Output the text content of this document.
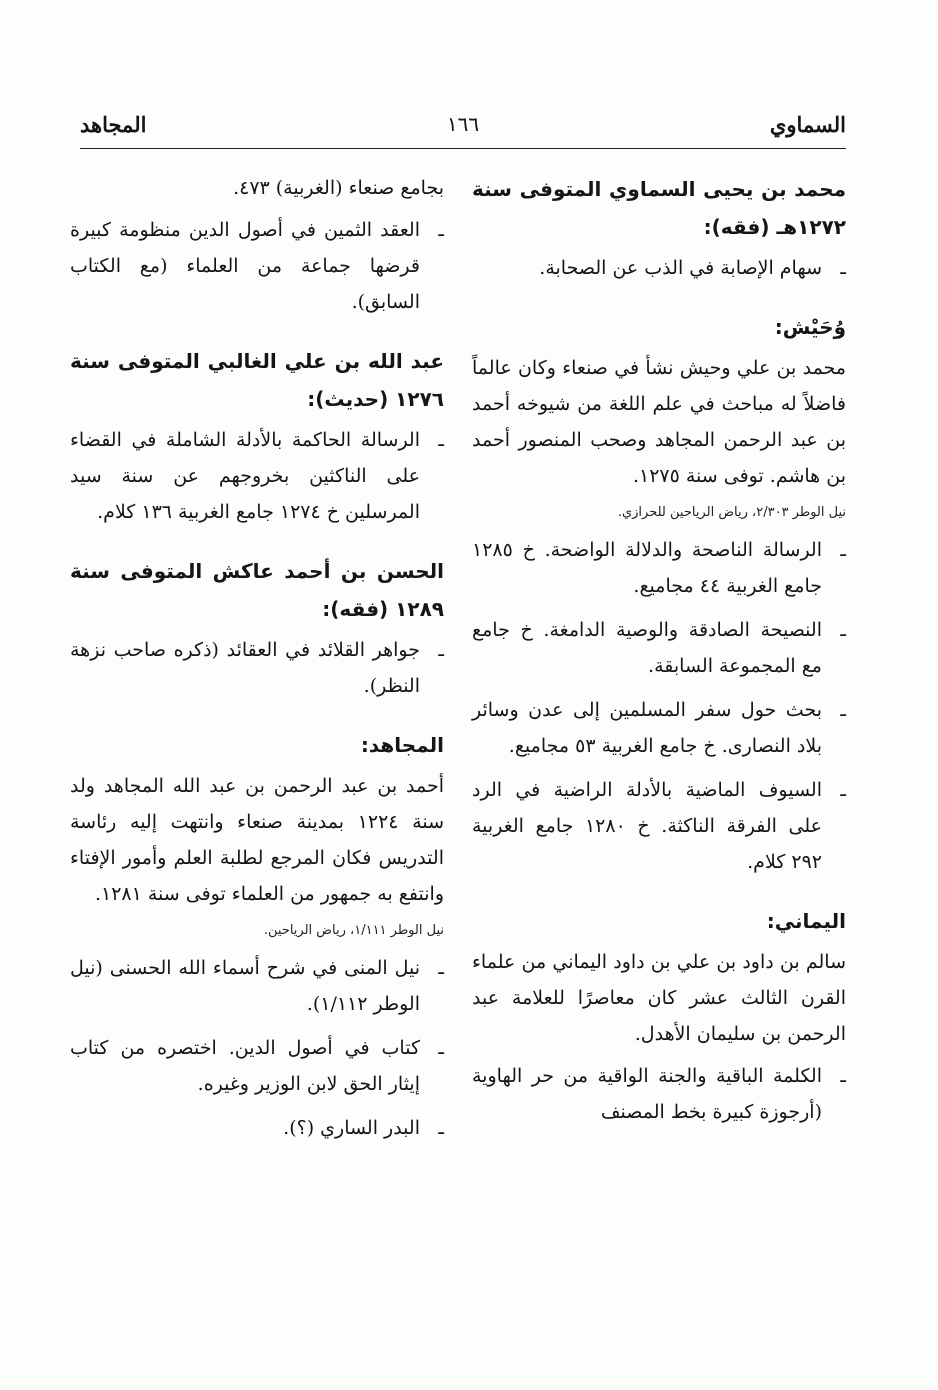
السماوي
١٦٦
المجاهد
محمد بن يحيى السماوي المتوفى سنة ١٢٧٢هـ (فقه):
ـ
سهام الإصابة في الذب عن الصحابة.
وُحَيْش:
محمد بن علي وحيش نشأ في صنعاء وكان عالماً فاضلاً له مباحث في علم اللغة من شيوخه أحمد بن عبد الرحمن المجاهد وصحب المنصور أحمد بن هاشم. توفى سنة ١٢٧٥.
نيل الوطر ٢/٣٠٣، رياض الرياحين للحرازي.
ـ
الرسالة الناصحة والدلالة الواضحة. خ ١٢٨٥ جامع الغربية ٤٤ مجاميع.
ـ
النصيحة الصادقة والوصية الدامغة. خ جامع مع المجموعة السابقة.
ـ
بحث حول سفر المسلمين إلى عدن وسائر بلاد النصارى. خ جامع الغربية ٥٣ مجاميع.
ـ
السيوف الماضية بالأدلة الراضية في الرد على الفرقة الناكثة. خ ١٢٨٠ جامع الغربية ٢٩٢ كلام.
اليماني:
سالم بن داود بن علي بن داود اليماني من علماء القرن الثالث عشر كان معاصرًا للعلامة عبد الرحمن بن سليمان الأهدل.
ـ
الكلمة الباقية والجنة الواقية من حر الهاوية (أرجوزة كبيرة بخط المصنف
بجامع صنعاء (الغربية) ٤٧٣.
ـ
العقد الثمين في أصول الدين منظومة كبيرة قرضها جماعة من العلماء (مع الكتاب السابق).
عبد الله بن علي الغالبي المتوفى سنة ١٢٧٦ (حديث):
ـ
الرسالة الحاكمة بالأدلة الشاملة في القضاء على الناكثين بخروجهم عن سنة سيد المرسلين خ ١٢٧٤ جامع الغربية ١٣٦ كلام.
الحسن بن أحمد عاكش المتوفى سنة ١٢٨٩ (فقه):
ـ
جواهر القلائد في العقائد (ذكره صاحب نزهة النظر).
المجاهد:
أحمد بن عبد الرحمن بن عبد الله المجاهد ولد سنة ١٢٢٤ بمدينة صنعاء وانتهت إليه رئاسة التدريس فكان المرجع لطلبة العلم وأمور الإفتاء وانتفع به جمهور من العلماء توفى سنة ١٢٨١.
نيل الوطر ١/١١١، رياض الرياحين.
ـ
نيل المنى في شرح أسماء الله الحسنى (نيل الوطر ١/١١٢).
ـ
كتاب في أصول الدين. اختصره من كتاب إيثار الحق لابن الوزير وغيره.
ـ
البدر الساري (؟).
